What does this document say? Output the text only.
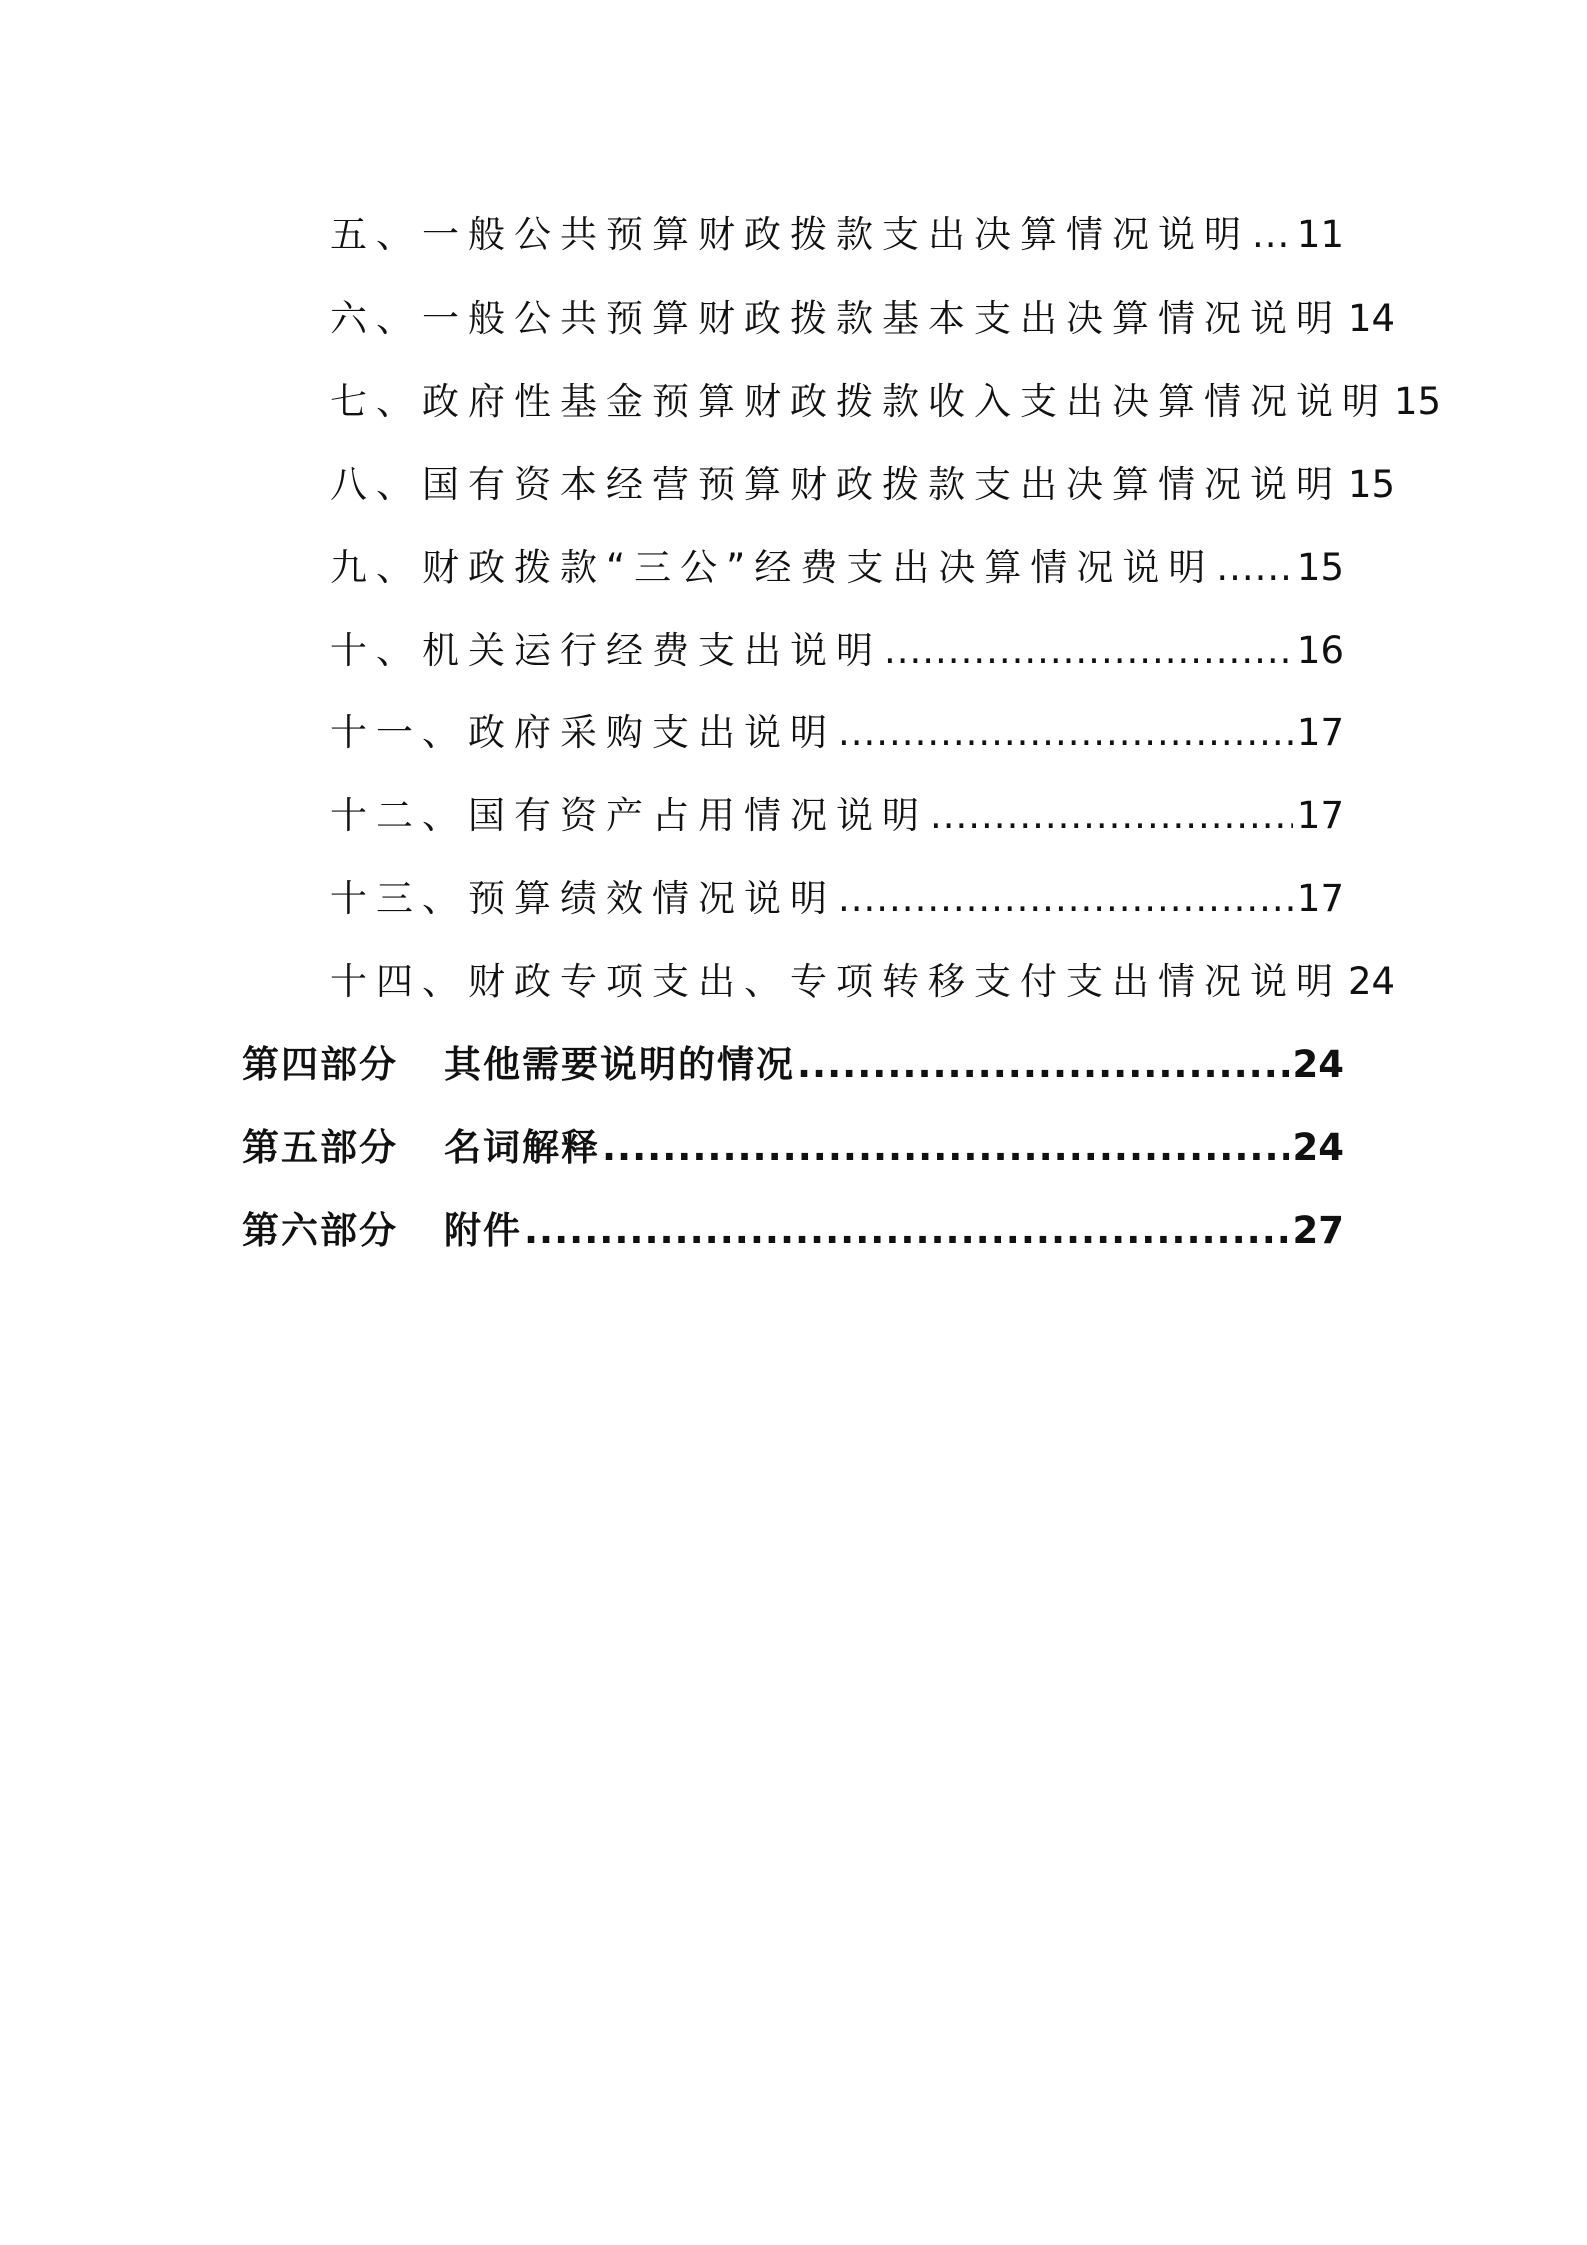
五、一般公共预算财政拨款支出决算情况说明 ..... 11
六、一般公共预算财政拨款基本支出决算情况说明 14
七、政府性基金预算财政拨款收入支出决算情况说明 15
八、国有资本经营预算财政拨款支出决算情况说明 15
九、财政拨款“三公”经费支出决算情况说明 ..... 15
十、机关运行经费支出说明 .....	16
十一、政府采购支出说明 .....	17
十二、国有资产占用情况说明 .....	17
十三、预算绩效情况说明 .....	17
十四、财政专项支出、专项转移支付支出情况说明 24
第四部分 其他需要说明的情况 .....	24
第五部分 名词解释 .....	24
第六部分 附件 .....	27
